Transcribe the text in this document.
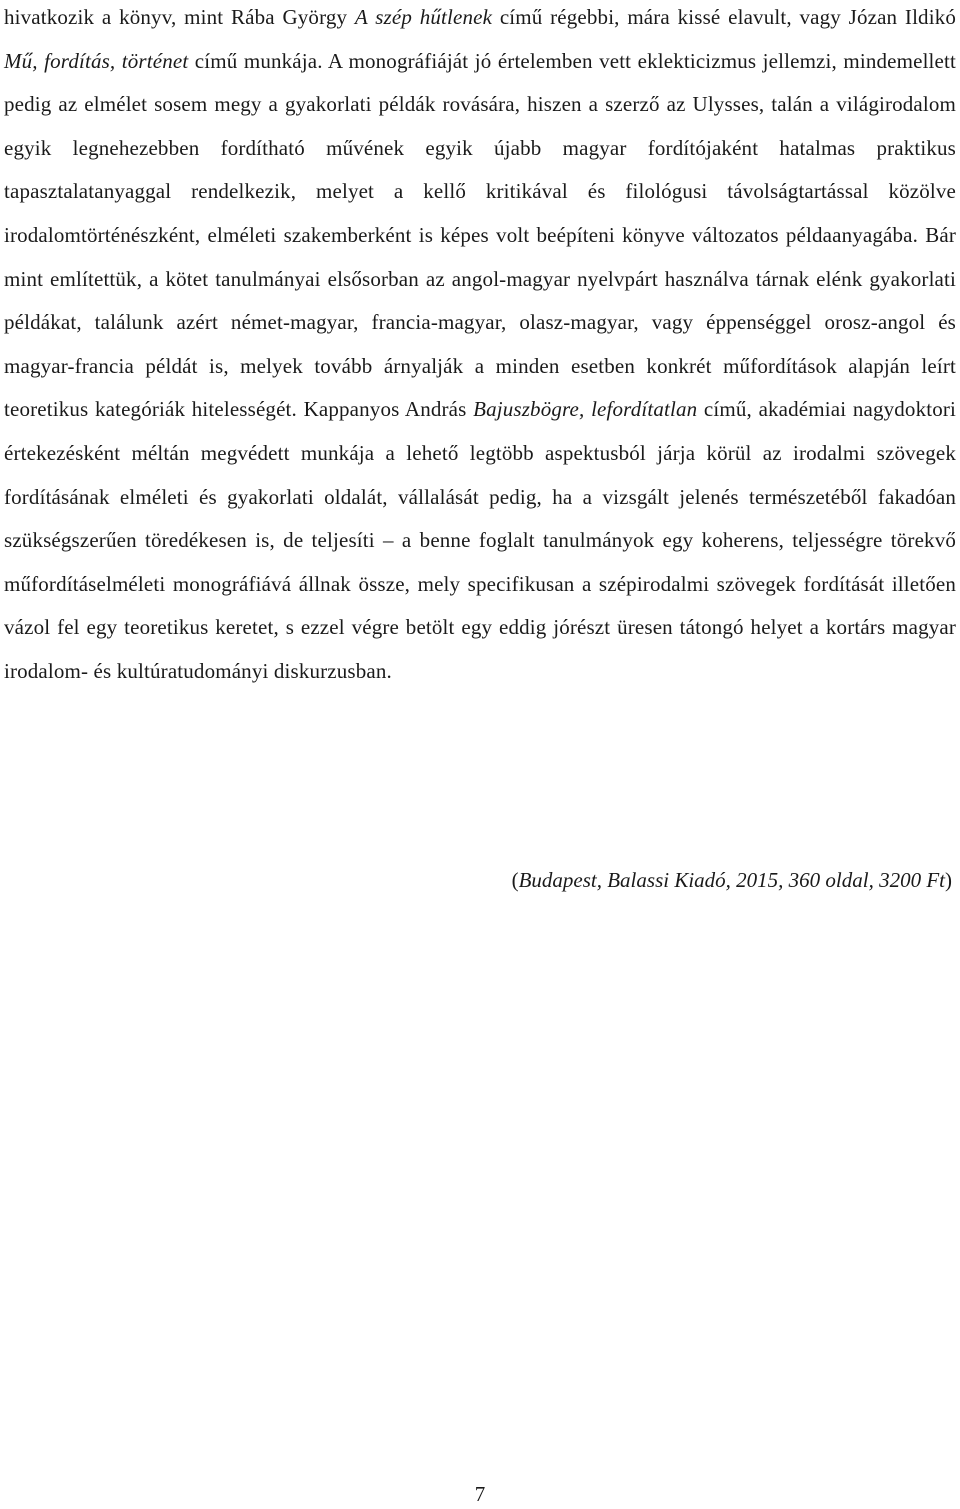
hivatkozik a könyv, mint Rába György A szép hűtlenek című régebbi, mára kissé elavult, vagy Józan Ildikó Mű, fordítás, történet című munkája. A monográfiáját jó értelemben vett eklekticizmus jellemzi, mindemellett pedig az elmélet sosem megy a gyakorlati példák rovására, hiszen a szerző az Ulysses, talán a világirodalom egyik legnehezebben fordítható művének egyik újabb magyar fordítójaként hatalmas praktikus tapasztalatanyaggal rendelkezik, melyet a kellő kritikával és filológusi távolságtartással közölve irodalomtörténészként, elméleti szakemberként is képes volt beépíteni könyve változatos példaanyagába. Bár mint említettük, a kötet tanulmányai elsősorban az angol-magyar nyelvpárt használva tárnak elénk gyakorlati példákat, találunk azért német-magyar, francia-magyar, olasz-magyar, vagy éppenséggel orosz-angol és magyar-francia példát is, melyek tovább árnyalják a minden esetben konkrét műfordítások alapján leírt teoretikus kategóriák hitelességét. Kappanyos András Bajuszbögre, lefordítatlan című, akadémiai nagydoktori értekezésként méltán megvédett munkája a lehető legtöbb aspektusból járja körül az irodalmi szövegek fordításának elméleti és gyakorlati oldalát, vállalását pedig, ha a vizsgált jelenés természetéből fakadóan szükségszerűen töredékesen is, de teljesíti – a benne foglalt tanulmányok egy koherens, teljességre törekvő műfordításelméleti monográfiává állnak össze, mely specifikusan a szépirodalmi szövegek fordítását illetően vázol fel egy teoretikus keretet, s ezzel végre betölt egy eddig jórészt üresen tátongó helyet a kortárs magyar irodalom- és kultúratudományi diskurzusban.

(Budapest, Balassi Kiadó, 2015, 360 oldal, 3200 Ft)

7
